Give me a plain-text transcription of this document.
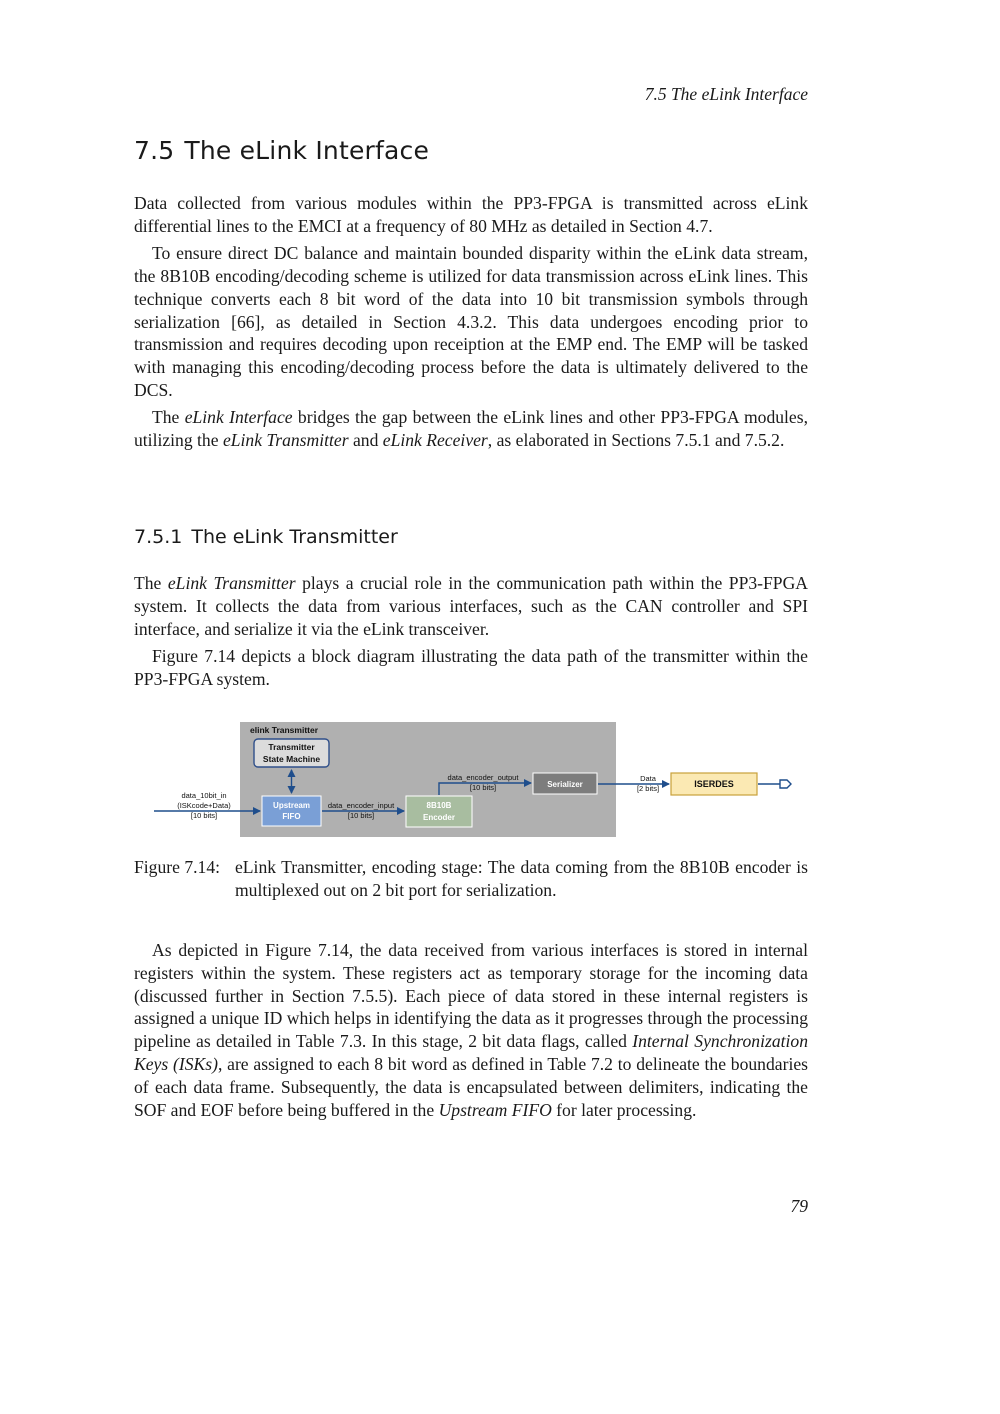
7.5 The eLink Interface
7.5 The eLink Interface

Data collected from various modules within the PP3-FPGA is transmitted across eLink differential lines to the EMCI at a frequency of 80 MHz as detailed in Section 4.7.

To ensure direct DC balance and maintain bounded disparity within the eLink data stream, the 8B10B encoding/decoding scheme is utilized for data transmission across eLink lines. This technique converts each 8 bit word of the data into 10 bit transmission symbols through serialization [66], as detailed in Section 4.3.2. This data undergoes encoding prior to transmission and requires decoding upon receiption at the EMP end. The EMP will be tasked with managing this encoding/decoding process before the data is ultimately delivered to the DCS.

The eLink Interface bridges the gap between the eLink lines and other PP3-FPGA modules, utilizing the eLink Transmitter and eLink Receiver, as elaborated in Sections 7.5.1 and 7.5.2.

7.5.1 The eLink Transmitter

The eLink Transmitter plays a crucial role in the communication path within the PP3-FPGA system. It collects the data from various interfaces, such as the CAN controller and SPI interface, and serialize it via the eLink transceiver.

Figure 7.14 depicts a block diagram illustrating the data path of the transmitter within the PP3-FPGA system.

elink Transmitter
Transmitter
State Machine
data_10bit_in
(ISKcode+Data)
[10 bits]
Upstream
FIFO
data_encoder_input
[10 bits]
8B10B
Encoder
data_encoder_output
[10 bits]	Serializer
Data
[2 bits]	ISERDES
Figure 7.14: eLink Transmitter, encoding stage: The data coming from the 8B10B encoder is multiplexed out on 2 bit port for serialization.

As depicted in Figure 7.14, the data received from various interfaces is stored in internal registers within the system. These registers act as temporary storage for the incoming data (discussed further in Section 7.5.5). Each piece of data stored in these internal registers is assigned a unique ID which helps in identifying the data as it progresses through the processing pipeline as detailed in Table 7.3. In this stage, 2 bit data flags, called Internal Synchronization Keys (ISKs), are assigned to each 8 bit word as defined in Table 7.2 to delineate the boundaries of each data frame. Subsequently, the data is encapsulated between delimiters, indicating the SOF and EOF before being buffered in the Upstream FIFO for later processing.

79
